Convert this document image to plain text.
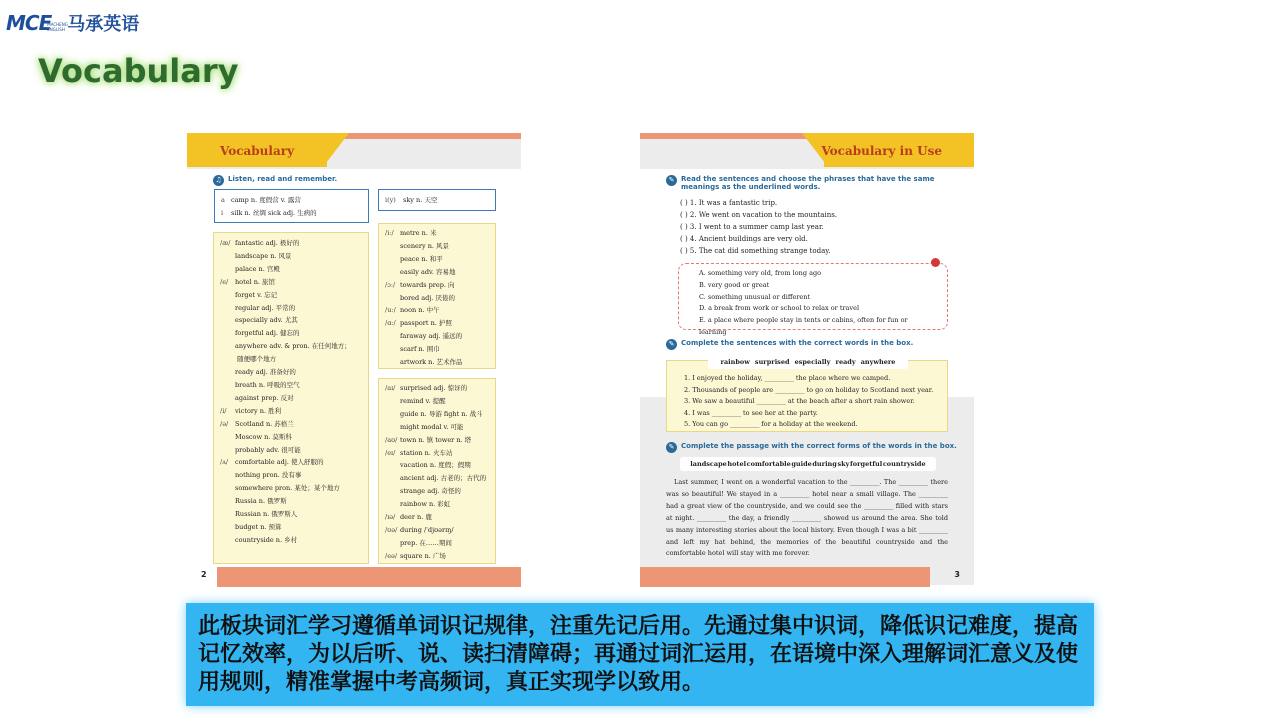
MCE
MACHENG ENGLISH 马承英语
Vocabulary
Vocabulary
♫ Listen, read and remember.
a camp n. 度假营 v. 露营
i silk n. 丝绸 sick adj. 生病的
i(y) sky n. 天空
/æ/ fantastic adj. 极好的
landscape n. 风景
palace n. 宫殿
/e/ hotel n. 旅馆
forget v. 忘记
regular adj. 平常的
especially adv. 尤其
forgetful adj. 健忘的
anywhere adv. & pron. 在任何地方；
随便哪个地方
ready adj. 准备好的
breath n. 呼吸的空气
against prep. 反对
/i/ victory n. 胜利
/ə/ Scotland n. 苏格兰
Moscow n. 莫斯科
probably adv. 很可能
/ʌ/ comfortable adj. 使人舒服的
nothing pron. 没有事
somewhere pron. 某处；某个地方
Russia n. 俄罗斯
Russian n. 俄罗斯人
budget n. 预算
countryside n. 乡村
/iː/ metre n. 米
scenery n. 风景
peace n. 和平
easily adv. 容易地
/ɔː/ towards prep. 向
bored adj. 厌倦的
/uː/ noon n. 中午
/ɑː/ passport n. 护照
faraway adj. 遥远的
scarf n. 围巾
artwork n. 艺术作品
/aɪ/ surprised adj. 惊讶的
remind v. 提醒
guide n. 导游 fight n. 战斗
might modal v. 可能
/aʊ/ town n. 镇 tower n. 塔
/eɪ/ station n. 火车站
vacation n. 度假；假期
ancient adj. 古老的；古代的
strange adj. 奇怪的
rainbow n. 彩虹
/ɪə/ deer n. 鹿
/ʊə/ during /ˈdjʊərɪŋ/
prep. 在……期间
/eə/ square n. 广场
2
Vocabulary in Use
✎ Read the sentences and choose the phrases that have the same meanings as the underlined words.
( ) 1. It was a fantastic trip.
( ) 2. We went on vacation to the mountains.
( ) 3. I went to a summer camp last year.
( ) 4. Ancient buildings are very old.
( ) 5. The cat did something strange today.
A. something very old, from long ago
B. very good or great
C. something unusual or different
D. a break from work or school to relax or travel
E. a place where people stay in tents or cabins, often for fun or learning
✎ Complete the sentences with the correct words in the box.
rainbow surprised especially ready anywhere
1. I enjoyed the holiday, _________ the place where we camped.
2. Thousands of people are _________ to go on holiday to Scotland next year.
3. We saw a beautiful _________ at the beach after a short rain shower.
4. I was _________ to see her at the party.
5. You can go _________ for a holiday at the weekend.
✎ Complete the passage with the correct forms of the words in the box.
landscape hotel comfortable guide during sky forgetful countryside
Last summer, I went on a wonderful vacation to the _________. The _________ there was so beautiful! We stayed in a _________ hotel near a small village. The _________ had a great view of the countryside, and we could see the _________ filled with stars at night. _________ the day, a friendly _________ showed us around the area. She told us many interesting stories about the local history. Even though I was a bit _________ and left my hat behind, the memories of the beautiful countryside and the comfortable hotel will stay with me forever.
3

此板块词汇学习遵循单词识记规律，注重先记后用。先通过集中识词，降低识记难度，提高记忆效率，为以后听、说、读扫清障碍；再通过词汇运用，在语境中深入理解词汇意义及使用规则，精准掌握中考高频词，真正实现学以致用。
